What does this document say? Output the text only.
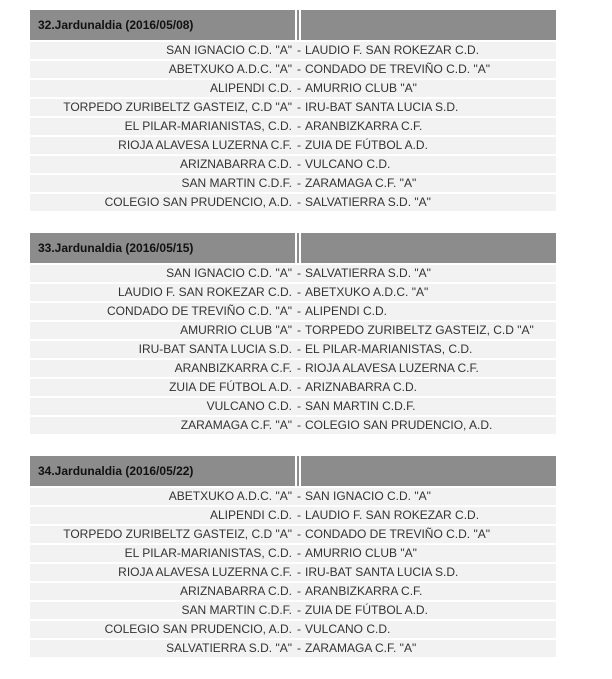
32.Jardunaldia (2016/05/08)
SAN IGNACIO C.D. "A" - LAUDIO F. SAN ROKEZAR C.D.
ABETXUKO A.D.C. "A" - CONDADO DE TREVIÑO C.D. "A"
ALIPENDI C.D. - AMURRIO CLUB "A"
TORPEDO ZURIBELTZ GASTEIZ, C.D "A" - IRU-BAT SANTA LUCIA S.D.
EL PILAR-MARIANISTAS, C.D. - ARANBIZKARRA C.F.
RIOJA ALAVESA LUZERNA C.F. - ZUIA DE FÚTBOL A.D.
ARIZNABARRA C.D. - VULCANO C.D.
SAN MARTIN C.D.F. - ZARAMAGA C.F. "A"
COLEGIO SAN PRUDENCIO, A.D. - SALVATIERRA S.D. "A"
33.Jardunaldia (2016/05/15)
SAN IGNACIO C.D. "A" - SALVATIERRA S.D. "A"
LAUDIO F. SAN ROKEZAR C.D. - ABETXUKO A.D.C. "A"
CONDADO DE TREVIÑO C.D. "A" - ALIPENDI C.D.
AMURRIO CLUB "A" - TORPEDO ZURIBELTZ GASTEIZ, C.D "A"
IRU-BAT SANTA LUCIA S.D. - EL PILAR-MARIANISTAS, C.D.
ARANBIZKARRA C.F. - RIOJA ALAVESA LUZERNA C.F.
ZUIA DE FÚTBOL A.D. - ARIZNABARRA C.D.
VULCANO C.D. - SAN MARTIN C.D.F.
ZARAMAGA C.F. "A" - COLEGIO SAN PRUDENCIO, A.D.
34.Jardunaldia (2016/05/22)
ABETXUKO A.D.C. "A" - SAN IGNACIO C.D. "A"
ALIPENDI C.D. - LAUDIO F. SAN ROKEZAR C.D.
TORPEDO ZURIBELTZ GASTEIZ, C.D "A" - CONDADO DE TREVIÑO C.D. "A"
EL PILAR-MARIANISTAS, C.D. - AMURRIO CLUB "A"
RIOJA ALAVESA LUZERNA C.F. - IRU-BAT SANTA LUCIA S.D.
ARIZNABARRA C.D. - ARANBIZKARRA C.F.
SAN MARTIN C.D.F. - ZUIA DE FÚTBOL A.D.
COLEGIO SAN PRUDENCIO, A.D. - VULCANO C.D.
SALVATIERRA S.D. "A" - ZARAMAGA C.F. "A"
